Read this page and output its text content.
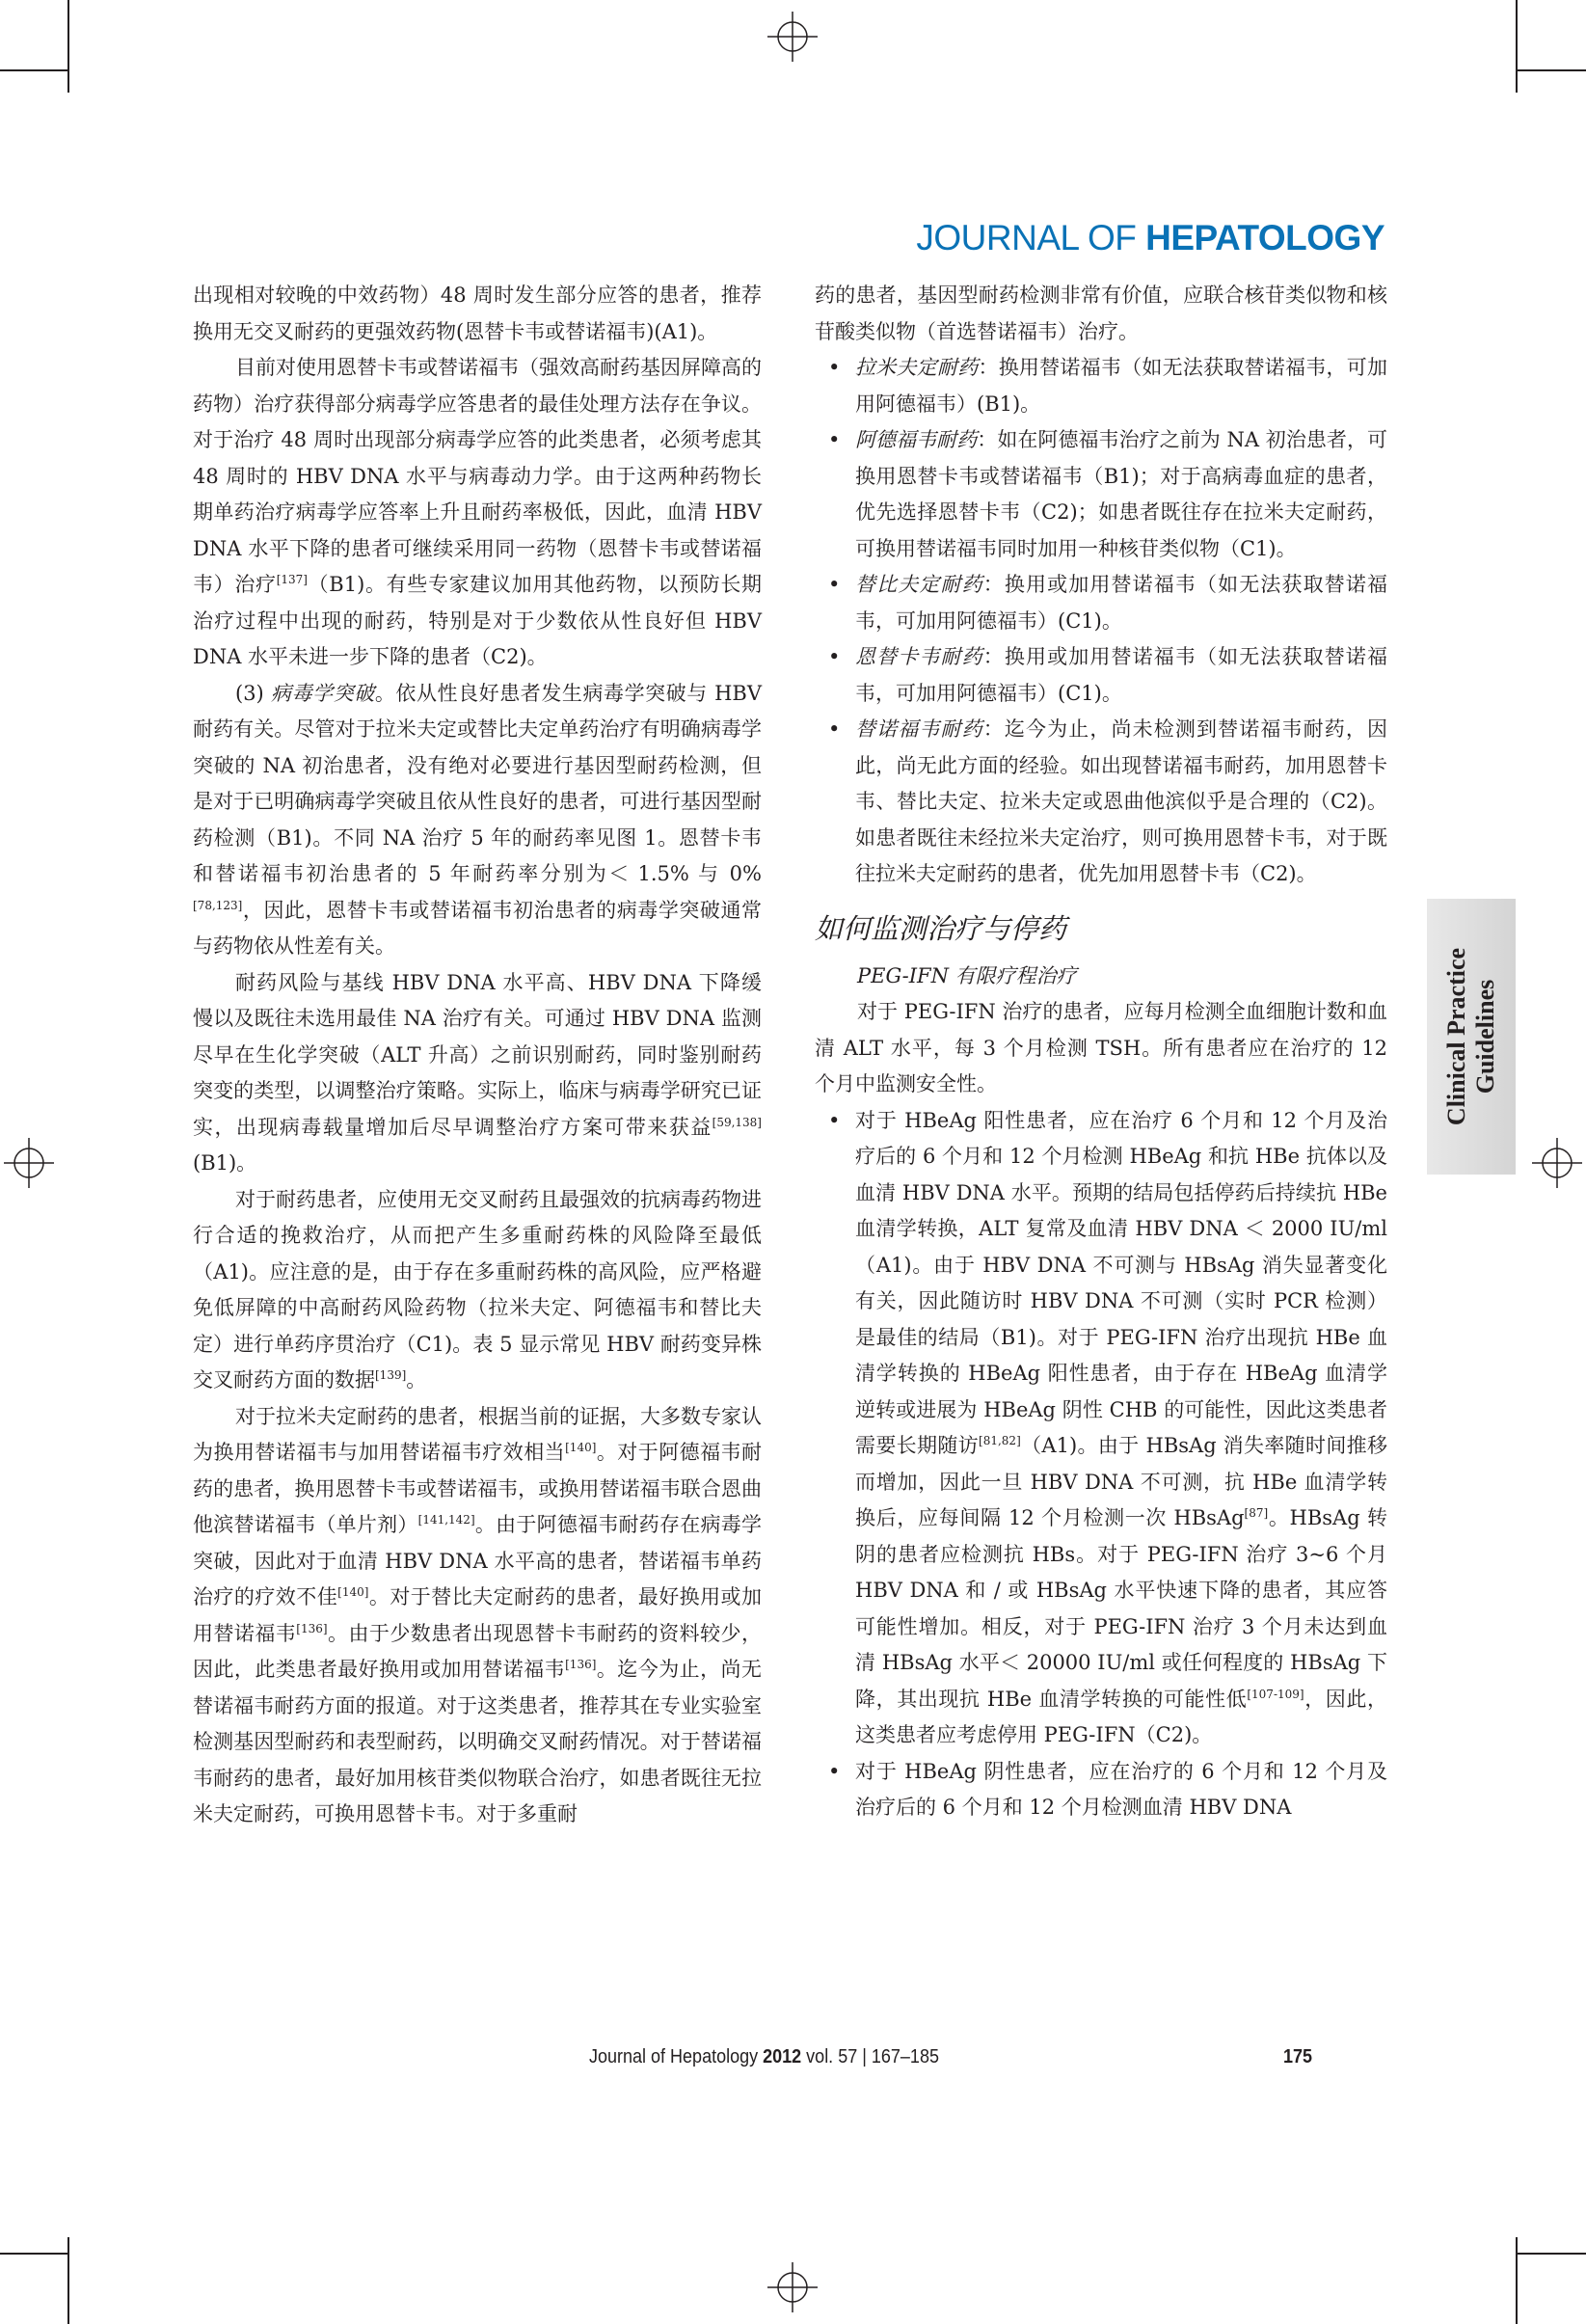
JOURNAL OF HEPATOLOGY
Clinical Practice Guidelines

出现相对较晚的中效药物）48 周时发生部分应答的患者，推荐换用无交叉耐药的更强效药物(恩替卡韦或替诺福韦)(A1)。

目前对使用恩替卡韦或替诺福韦（强效高耐药基因屏障高的药物）治疗获得部分病毒学应答患者的最佳处理方法存在争议。对于治疗 48 周时出现部分病毒学应答的此类患者，必须考虑其 48 周时的 HBV DNA 水平与病毒动力学。由于这两种药物长期单药治疗病毒学应答率上升且耐药率极低，因此，血清 HBV DNA 水平下降的患者可继续采用同一药物（恩替卡韦或替诺福韦）治疗[137]（B1)。有些专家建议加用其他药物，以预防长期治疗过程中出现的耐药，特别是对于少数依从性良好但 HBV DNA 水平未进一步下降的患者（C2)。

(3) 病毒学突破。依从性良好患者发生病毒学突破与 HBV 耐药有关。尽管对于拉米夫定或替比夫定单药治疗有明确病毒学突破的 NA 初治患者，没有绝对必要进行基因型耐药检测，但是对于已明确病毒学突破且依从性良好的患者，可进行基因型耐药检测（B1)。不同 NA 治疗 5 年的耐药率见图 1。恩替卡韦和替诺福韦初治患者的 5 年耐药率分别为＜ 1.5% 与 0%[78,123]，因此，恩替卡韦或替诺福韦初治患者的病毒学突破通常与药物依从性差有关。

耐药风险与基线 HBV DNA 水平高、HBV DNA 下降缓慢以及既往未选用最佳 NA 治疗有关。可通过 HBV DNA 监测尽早在生化学突破（ALT 升高）之前识别耐药，同时鉴别耐药突变的类型，以调整治疗策略。实际上，临床与病毒学研究已证实，出现病毒载量增加后尽早调整治疗方案可带来获益[59,138](B1)。

对于耐药患者，应使用无交叉耐药且最强效的抗病毒药物进行合适的挽救治疗，从而把产生多重耐药株的风险降至最低（A1)。应注意的是，由于存在多重耐药株的高风险，应严格避免低屏障的中高耐药风险药物（拉米夫定、阿德福韦和替比夫定）进行单药序贯治疗（C1)。表 5 显示常见 HBV 耐药变异株交叉耐药方面的数据[139]。

对于拉米夫定耐药的患者，根据当前的证据，大多数专家认为换用替诺福韦与加用替诺福韦疗效相当[140]。对于阿德福韦耐药的患者，换用恩替卡韦或替诺福韦，或换用替诺福韦联合恩曲他滨替诺福韦（单片剂）[141,142]。由于阿德福韦耐药存在病毒学突破，因此对于血清 HBV DNA 水平高的患者，替诺福韦单药治疗的疗效不佳[140]。对于替比夫定耐药的患者，最好换用或加用替诺福韦[136]。由于少数患者出现恩替卡韦耐药的资料较少，因此，此类患者最好换用或加用替诺福韦[136]。迄今为止，尚无替诺福韦耐药方面的报道。对于这类患者，推荐其在专业实验室检测基因型耐药和表型耐药，以明确交叉耐药情况。对于替诺福韦耐药的患者，最好加用核苷类似物联合治疗，如患者既往无拉米夫定耐药，可换用恩替卡韦。对于多重耐

药的患者，基因型耐药检测非常有价值，应联合核苷类似物和核苷酸类似物（首选替诺福韦）治疗。

• 拉米夫定耐药：换用替诺福韦（如无法获取替诺福韦，可加用阿德福韦）(B1)。

• 阿德福韦耐药：如在阿德福韦治疗之前为 NA 初治患者，可换用恩替卡韦或替诺福韦（B1)；对于高病毒血症的患者，优先选择恩替卡韦（C2)；如患者既往存在拉米夫定耐药，可换用替诺福韦同时加用一种核苷类似物（C1)。

• 替比夫定耐药：换用或加用替诺福韦（如无法获取替诺福韦，可加用阿德福韦）(C1)。

• 恩替卡韦耐药：换用或加用替诺福韦（如无法获取替诺福韦，可加用阿德福韦）(C1)。

• 替诺福韦耐药：迄今为止，尚未检测到替诺福韦耐药，因此，尚无此方面的经验。如出现替诺福韦耐药，加用恩替卡韦、替比夫定、拉米夫定或恩曲他滨似乎是合理的（C2)。如患者既往未经拉米夫定治疗，则可换用恩替卡韦，对于既往拉米夫定耐药的患者，优先加用恩替卡韦（C2)。

如何监测治疗与停药

PEG-IFN 有限疗程治疗

对于 PEG-IFN 治疗的患者，应每月检测全血细胞计数和血清 ALT 水平，每 3 个月检测 TSH。所有患者应在治疗的 12 个月中监测安全性。

• 对于 HBeAg 阳性患者，应在治疗 6 个月和 12 个月及治疗后的 6 个月和 12 个月检测 HBeAg 和抗 HBe 抗体以及血清 HBV DNA 水平。预期的结局包括停药后持续抗 HBe 血清学转换，ALT 复常及血清 HBV DNA ＜ 2000 IU/ml（A1)。由于 HBV DNA 不可测与 HBsAg 消失显著变化有关，因此随访时 HBV DNA 不可测（实时 PCR 检测）是最佳的结局（B1)。对于 PEG-IFN 治疗出现抗 HBe 血清学转换的 HBeAg 阳性患者，由于存在 HBeAg 血清学逆转或进展为 HBeAg 阴性 CHB 的可能性，因此这类患者需要长期随访[81,82]（A1)。由于 HBsAg 消失率随时间推移而增加，因此一旦 HBV DNA 不可测，抗 HBe 血清学转换后，应每间隔 12 个月检测一次 HBsAg[87]。HBsAg 转阴的患者应检测抗 HBs。对于 PEG-IFN 治疗 3~6 个月 HBV DNA 和 / 或 HBsAg 水平快速下降的患者，其应答可能性增加。相反，对于 PEG-IFN 治疗 3 个月未达到血清 HBsAg 水平＜ 20000 IU/ml 或任何程度的 HBsAg 下降，其出现抗 HBe 血清学转换的可能性低[107-109]，因此，这类患者应考虑停用 PEG-IFN（C2)。

• 对于 HBeAg 阴性患者，应在治疗的 6 个月和 12 个月及治疗后的 6 个月和 12 个月检测血清 HBV DNA

Journal of Hepatology 2012 vol. 57 | 167–185	175
